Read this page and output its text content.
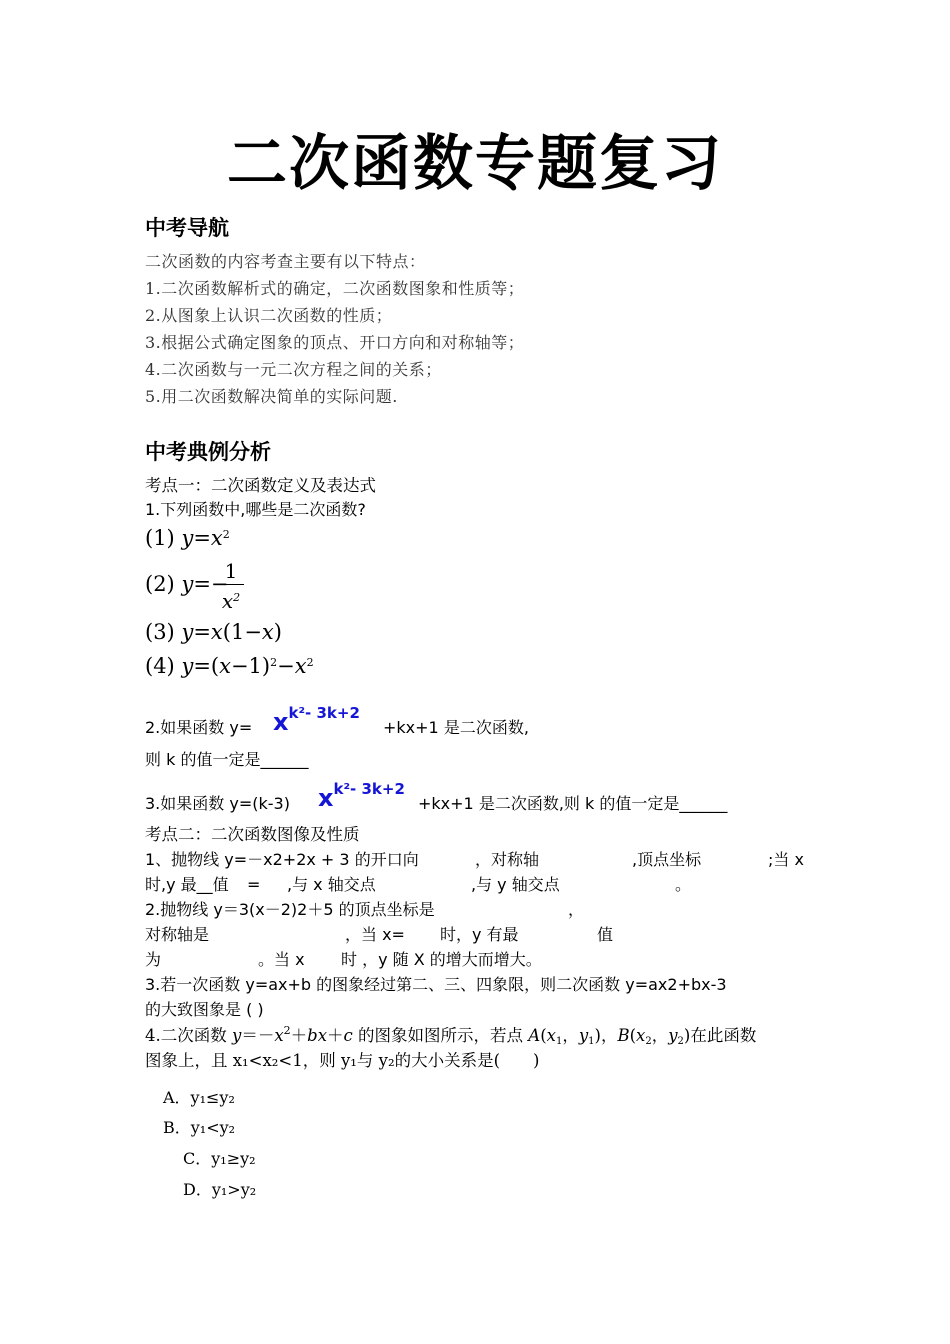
二次函数专题复习
中考导航
二次函数的内容考查主要有以下特点：
1.二次函数解析式的确定，二次函数图象和性质等；
2.从图象上认识二次函数的性质；
3.根据公式确定图象的顶点、开口方向和对称轴等；
4.二次函数与一元二次方程之间的关系；
5.用二次函数解决简单的实际问题.
中考典例分析
考点一：二次函数定义及表达式
1.下列函数中,哪些是二次函数?
(1) $y=x^2$
(2) y=−
1
$x^2$
(3) y=x(1−x)
(4) $y=(x-1)^2-x^2$
2.如果函数 y= xk²- 3k+2
+kx+1 是二次函数,
则 k 的值一定是______
3.如果函数 y=(k-3) xk²- 3k+2
+kx+1 是二次函数,则 k 的值一定是______
考点二：二次函数图像及性质
1、抛物线 y=－x2+2x + 3 的开口向	，对称轴	,顶点坐标	;当 x
时,y 最__值 = ,与 x 轴交点	,与 y 轴交点	。
2.抛物线 y＝3(x－2)2＋5 的顶点坐标是	，
对称轴是	，当 x= 时，y 有最	值
为	。当 x 时 ，y 随 X 的增大而增大。
3.若一次函数 y=ax+b 的图象经过第二、三、四象限，则二次函数 y=ax2+bx-3
的大致图象是 ( )
4.二次函数 $y=-x^2+bx+c$ 的图象如图所示，若点 $A(x_1$，$y_1$)，$B(x_2$，$y_2$)在此函数
图象上，且 x₁<x₂<1，则 y₁与 y₂的大小关系是(　　)
A．y₁≤y₂
B．y₁<y₂
C．y₁≥y₂
D．y₁>y₂
